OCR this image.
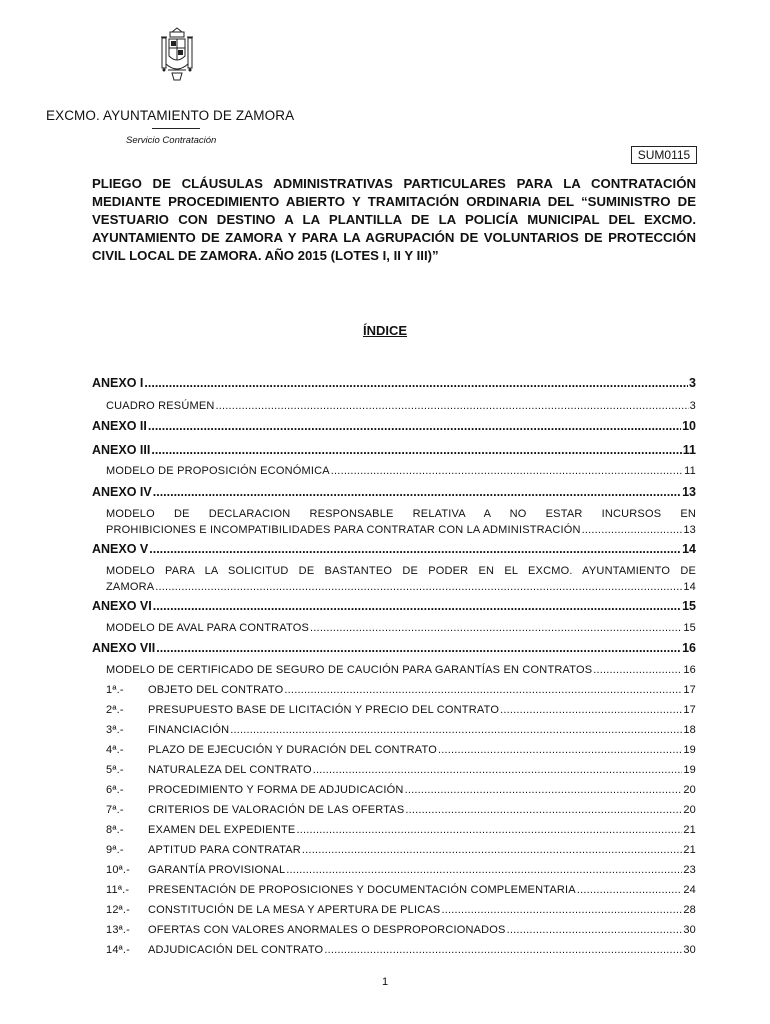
EXCMO. AYUNTAMIENTO DE ZAMORA
Servicio Contratación
SUM0115
PLIEGO DE CLÁUSULAS ADMINISTRATIVAS PARTICULARES PARA LA CONTRATACIÓN MEDIANTE PROCEDIMIENTO ABIERTO Y TRAMITACIÓN ORDINARIA DEL “SUMINISTRO DE VESTUARIO CON DESTINO A LA PLANTILLA DE LA POLICÍA MUNICIPAL DEL EXCMO. AYUNTAMIENTO DE ZAMORA Y PARA LA AGRUPACIÓN DE VOLUNTARIOS DE PROTECCIÓN CIVIL LOCAL DE ZAMORA. AÑO 2015 (LOTES I, II Y III)”
ÍNDICE
ANEXO I .....	3
CUADRO RESÚMEN .....	3
ANEXO II .....	10
ANEXO III .....	11
MODELO DE PROPOSICIÓN ECONÓMICA .....	11
ANEXO IV .....	13
MODELO DE DECLARACION RESPONSABLE RELATIVA A NO ESTAR INCURSOS EN
PROHIBICIONES E INCOMPATIBILIDADES PARA CONTRATAR CON LA ADMINISTRACIÓN .....	13
ANEXO V .....	14
MODELO PARA LA SOLICITUD DE BASTANTEO DE PODER EN EL EXCMO. AYUNTAMIENTO DE
ZAMORA .....	14
ANEXO VI .....	15
MODELO DE AVAL PARA CONTRATOS .....	15
ANEXO VII .....	16
MODELO DE CERTIFICADO DE SEGURO DE CAUCIÓN PARA GARANTÍAS EN CONTRATOS .....	16
1ª.-	OBJETO DEL CONTRATO .....	17
2ª.-	PRESUPUESTO BASE DE LICITACIÓN Y PRECIO DEL CONTRATO .....	17
3ª.-	FINANCIACIÓN .....	18
4ª.-	PLAZO DE EJECUCIÓN Y DURACIÓN DEL CONTRATO .....	19
5ª.-	NATURALEZA DEL CONTRATO .....	19
6ª.-	PROCEDIMIENTO Y FORMA DE ADJUDICACIÓN .....	20
7ª.-	CRITERIOS DE VALORACIÓN DE LAS OFERTAS .....	20
8ª.-	EXAMEN DEL EXPEDIENTE .....	21
9ª.-	APTITUD PARA CONTRATAR .....	21
10ª.-	GARANTÍA PROVISIONAL .....	23
11ª.-	PRESENTACIÓN DE PROPOSICIONES Y DOCUMENTACIÓN COMPLEMENTARIA .....	24
12ª.-	CONSTITUCIÓN DE LA MESA Y APERTURA DE PLICAS .....	28
13ª.-	OFERTAS CON VALORES ANORMALES O DESPROPORCIONADOS .....	30
14ª.-	ADJUDICACIÓN DEL CONTRATO .....	30
1
